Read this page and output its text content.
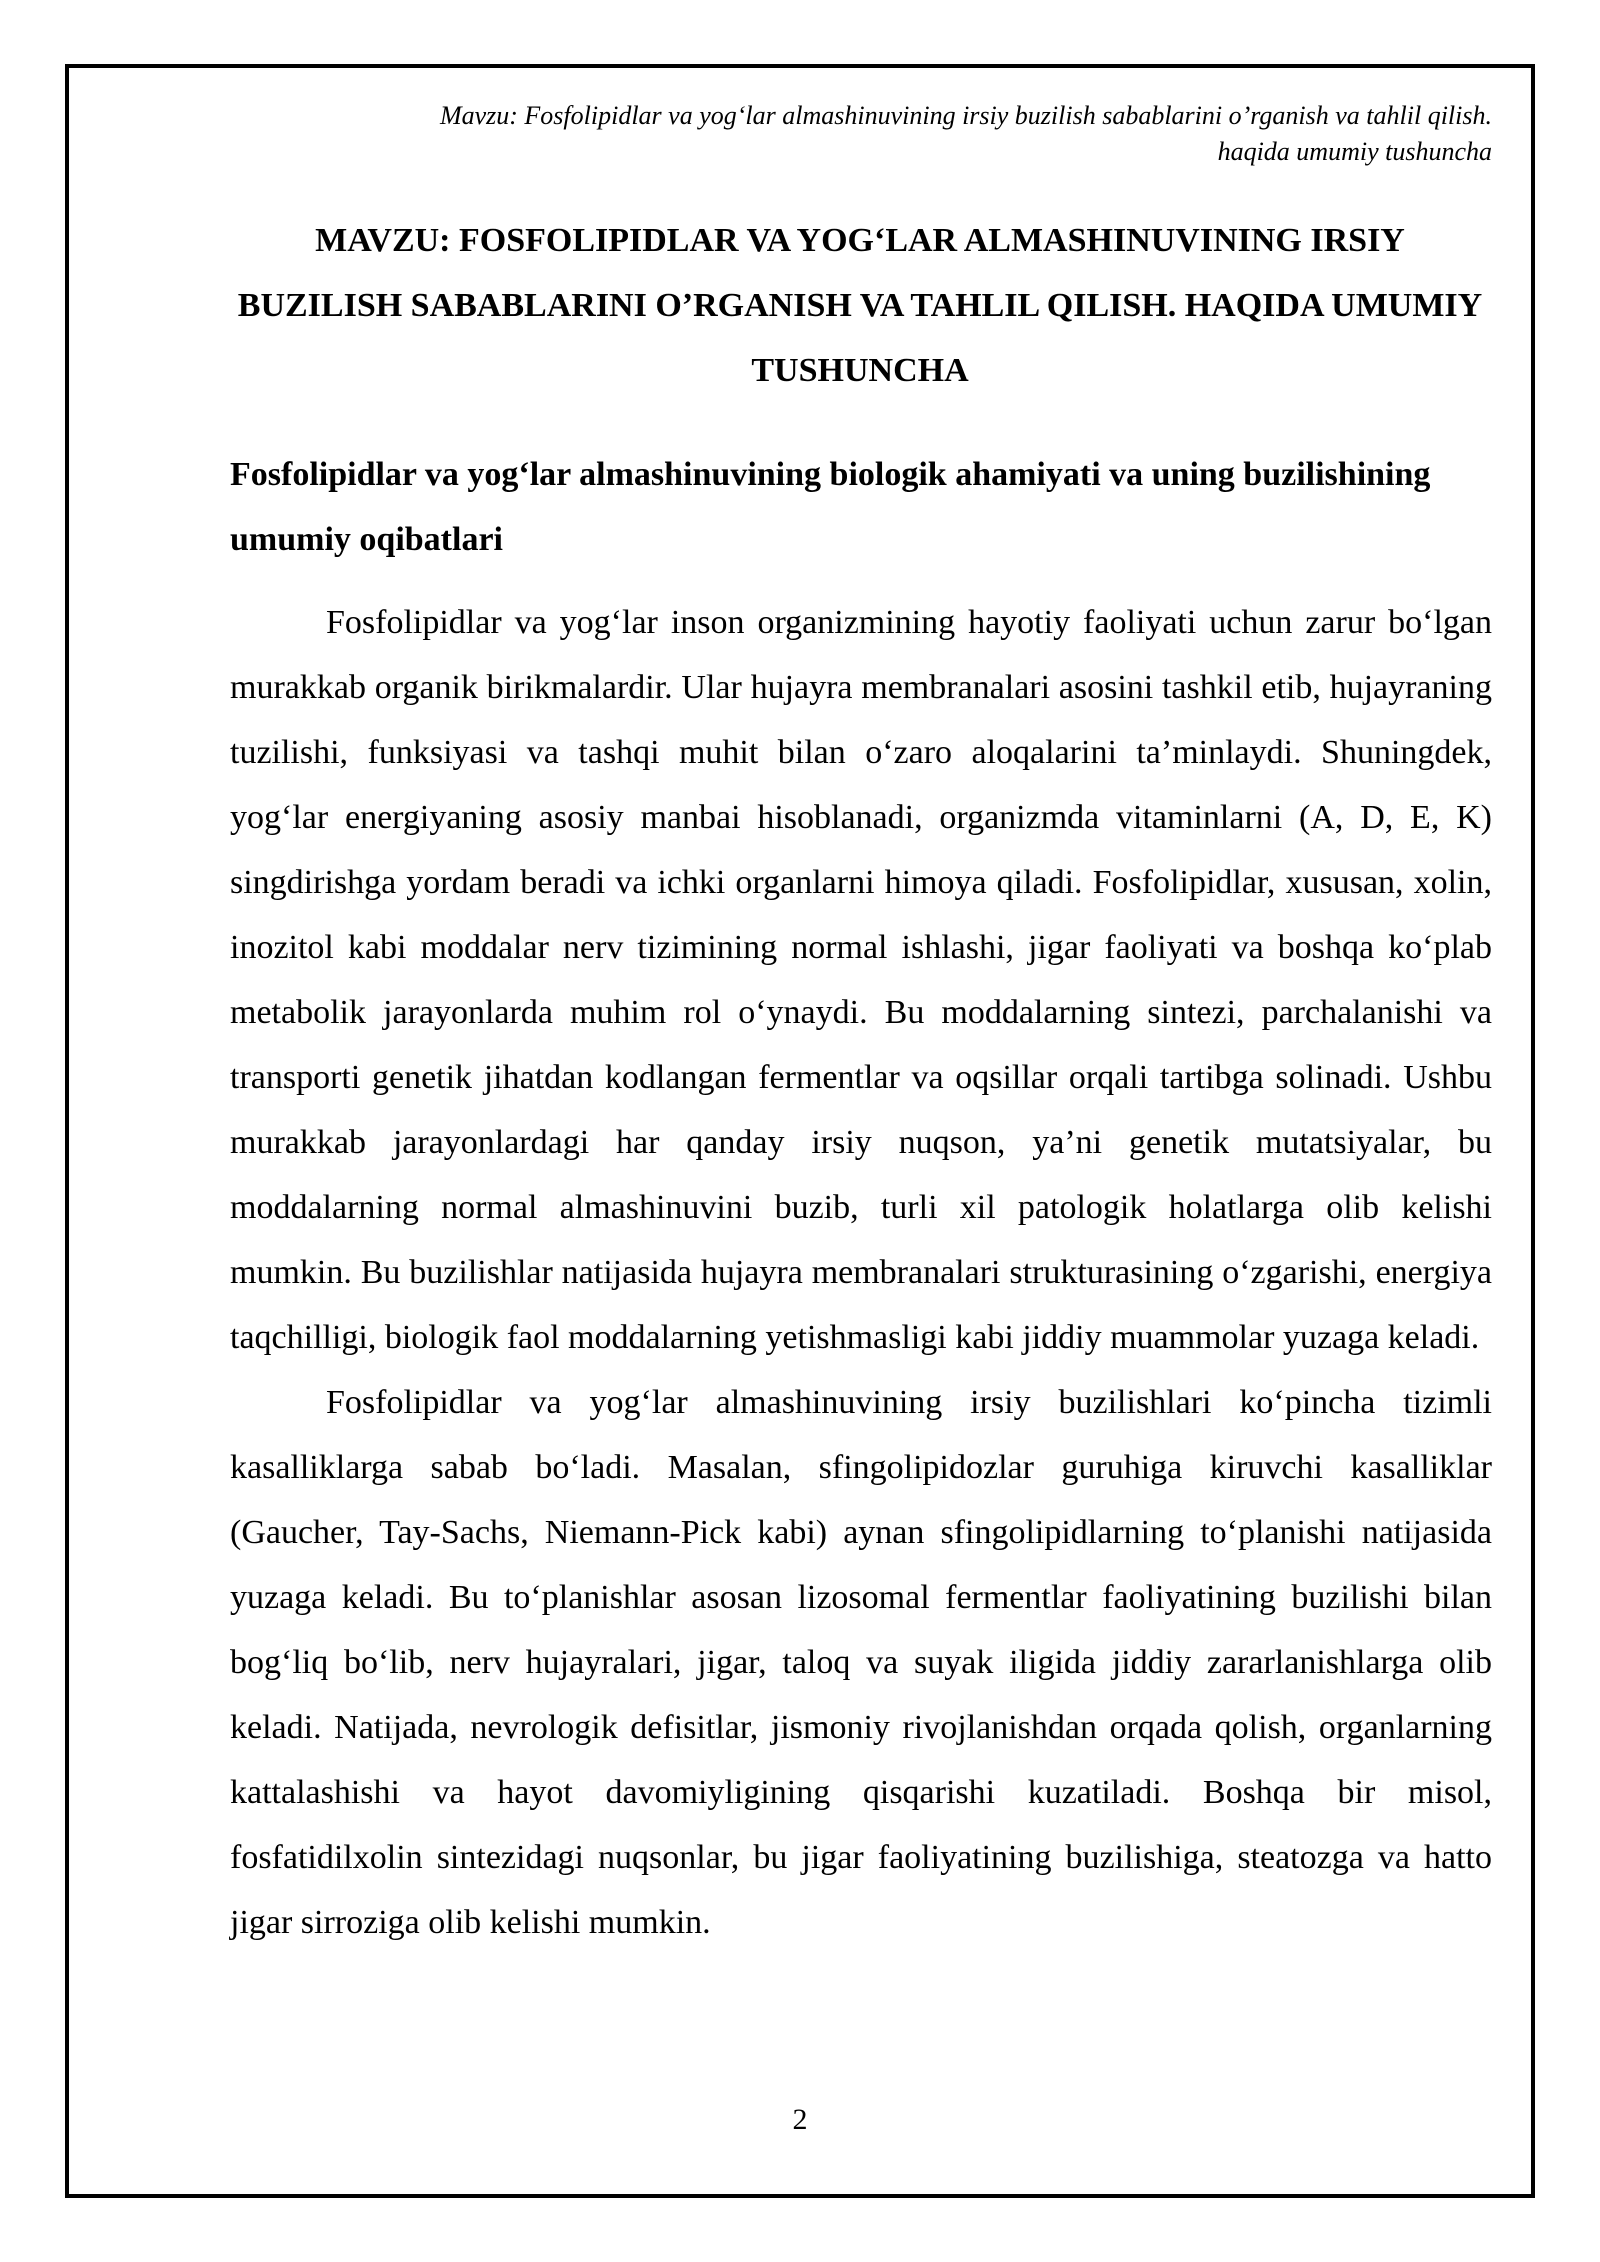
Mavzu: Fosfolipidlar va yog‘lar almashinuvining irsiy buzilish sabablarini o’rganish va tahlil qilish.
haqida umumiy tushuncha
MAVZU: FOSFOLIPIDLAR VA YOG‘LAR ALMASHINUVINING IRSIY BUZILISH SABABLARINI O’RGANISH VA TAHLIL QILISH. HAQIDA UMUMIY TUSHUNCHA
Fosfolipidlar va yog‘lar almashinuvining biologik ahamiyati va uning buzilishining umumiy oqibatlari

Fosfolipidlar va yog‘lar inson organizmining hayotiy faoliyati uchun zarur bo‘lgan murakkab organik birikmalardir. Ular hujayra membranalari asosini tashkil etib, hujayraning tuzilishi, funksiyasi va tashqi muhit bilan o‘zaro aloqalarini ta’minlaydi. Shuningdek, yog‘lar energiyaning asosiy manbai hisoblanadi, organizmda vitaminlarni (A, D, E, K) singdirishga yordam beradi va ichki organlarni himoya qiladi. Fosfolipidlar, xususan, xolin, inozitol kabi moddalar nerv tizimining normal ishlashi, jigar faoliyati va boshqa ko‘plab metabolik jarayonlarda muhim rol o‘ynaydi. Bu moddalarning sintezi, parchalanishi va transporti genetik jihatdan kodlangan fermentlar va oqsillar orqali tartibga solinadi. Ushbu murakkab jarayonlardagi har qanday irsiy nuqson, ya’ni genetik mutatsiyalar, bu moddalarning normal almashinuvini buzib, turli xil patologik holatlarga olib kelishi mumkin. Bu buzilishlar natijasida hujayra membranalari strukturasining o‘zgarishi, energiya taqchilligi, biologik faol moddalarning yetishmasligi kabi jiddiy muammolar yuzaga keladi.

Fosfolipidlar va yog‘lar almashinuvining irsiy buzilishlari ko‘pincha tizimli kasalliklarga sabab bo‘ladi. Masalan, sfingolipidozlar guruhiga kiruvchi kasalliklar (Gaucher, Tay-Sachs, Niemann-Pick kabi) aynan sfingolipidlarning to‘planishi natijasida yuzaga keladi. Bu to‘planishlar asosan lizosomal fermentlar faoliyatining buzilishi bilan bog‘liq bo‘lib, nerv hujayralari, jigar, taloq va suyak iligida jiddiy zararlanishlarga olib keladi. Natijada, nevrologik defisitlar, jismoniy rivojlanishdan orqada qolish, organlarning kattalashishi va hayot davomiyligining qisqarishi kuzatiladi. Boshqa bir misol, fosfatidilxolin sintezidagi nuqsonlar, bu jigar faoliyatining buzilishiga, steatozga va hatto jigar sirroziga olib kelishi mumkin.

2
